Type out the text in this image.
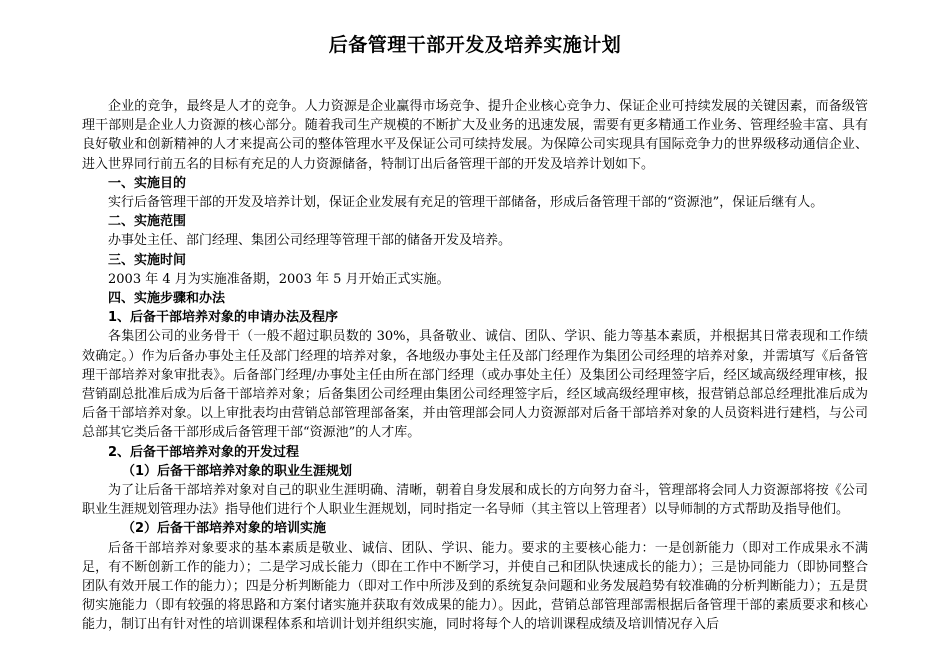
后备管理干部开发及培养实施计划

企业的竞争，最终是人才的竞争。人力资源是企业赢得市场竞争、提升企业核心竞争力、保证企业可持续发展的关键因素，而备级管理干部则是企业人力资源的核心部分。随着我司生产规模的不断扩大及业务的迅速发展，需要有更多精通工作业务、管理经验丰富、具有良好敬业和创新精神的人才来提高公司的整体管理水平及保证公司可续持发展。为保障公司实现具有国际竞争力的世界级移动通信企业、进入世界同行前五名的目标有充足的人力资源储备，特制订出后备管理干部的开发及培养计划如下。

一、实施目的

实行后备管理干部的开发及培养计划，保证企业发展有充足的管理干部储备，形成后备管理干部的“资源池”，保证后继有人。

二、实施范围

办事处主任、部门经理、集团公司经理等管理干部的储备开发及培养。

三、实施时间

2003 年 4 月为实施准备期，2003 年 5 月开始正式实施。

四、实施步骤和办法
1、后备干部培养对象的申请办法及程序

各集团公司的业务骨干（一般不超过职员数的 30%，具备敬业、诚信、团队、学识、能力等基本素质，并根据其日常表现和工作绩效确定。）作为后备办事处主任及部门经理的培养对象，各地级办事处主任及部门经理作为集团公司经理的培养对象，并需填写《后备管理干部培养对象审批表》。后备部门经理/办事处主任由所在部门经理（或办事处主任）及集团公司经理签字后，经区域高级经理审核，报营销副总批准后成为后备干部培养对象；后备集团公司经理由集团公司经理签字后，经区域高级经理审核，报营销总部总经理批准后成为后备干部培养对象。以上审批表均由营销总部管理部备案，并由管理部会同人力资源部对后备干部培养对象的人员资料进行建档，与公司总部其它类后备干部形成后备管理干部“资源池”的人才库。

2、后备干部培养对象的开发过程
（1）后备干部培养对象的职业生涯规划

为了让后备干部培养对象对自己的职业生涯明确、清晰，朝着自身发展和成长的方向努力奋斗，管理部将会同人力资源部将按《公司职业生涯规划管理办法》指导他们进行个人职业生涯规划，同时指定一名导师（其主管以上管理者）以导师制的方式帮助及指导他们。

（2）后备干部培养对象的培训实施

后备干部培养对象要求的基本素质是敬业、诚信、团队、学识、能力。要求的主要核心能力：一是创新能力（即对工作成果永不满足，有不断创新工作的能力）；二是学习成长能力（即在工作中不断学习，并使自己和团队快速成长的能力）；三是协同能力（即协同整合团队有效开展工作的能力）；四是分析判断能力（即对工作中所涉及到的系统复杂问题和业务发展趋势有较准确的分析判断能力）；五是贯彻实施能力（即有较强的将思路和方案付诸实施并获取有效成果的能力）。因此，营销总部管理部需根据后备管理干部的素质要求和核心能力，制订出有针对性的培训课程体系和培训计划并组织实施，同时将每个人的培训课程成绩及培训情况存入后
